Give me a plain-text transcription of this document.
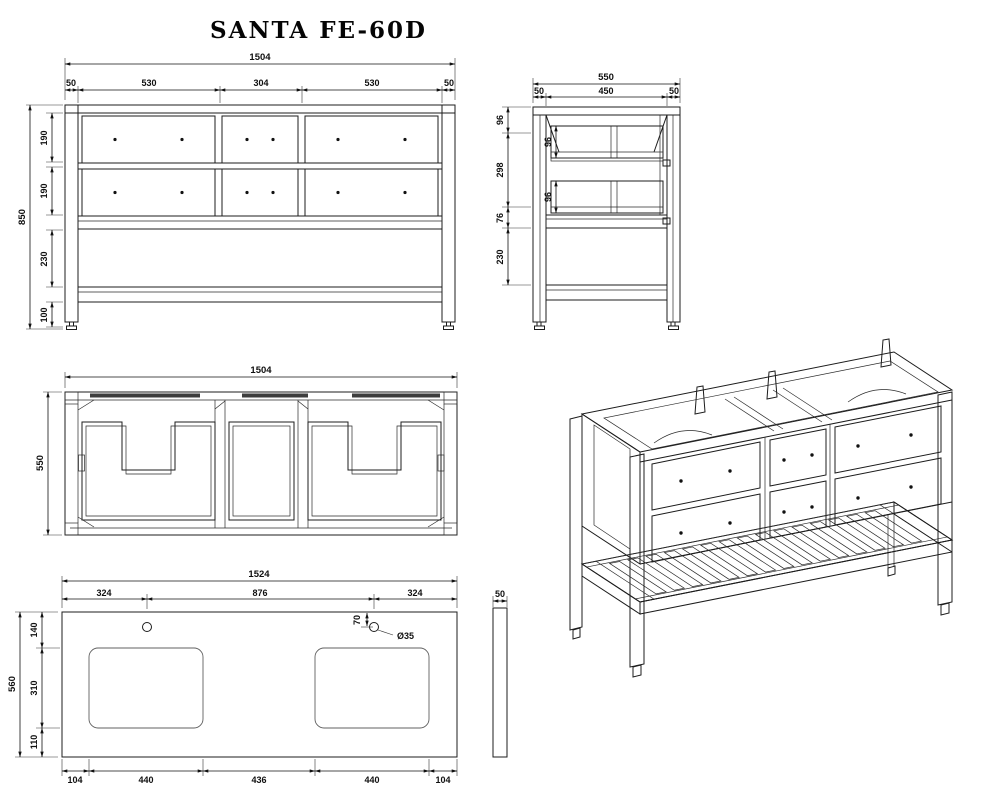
SANTA FE-60D
1504
50	530	304	530	50
850
190
190
230
100
550
50	450	50
96
298
76
230
96
96
1504
550
1524
324	876	324
560
140
310
110
70
Ø35
104	440	436	440	104
50
